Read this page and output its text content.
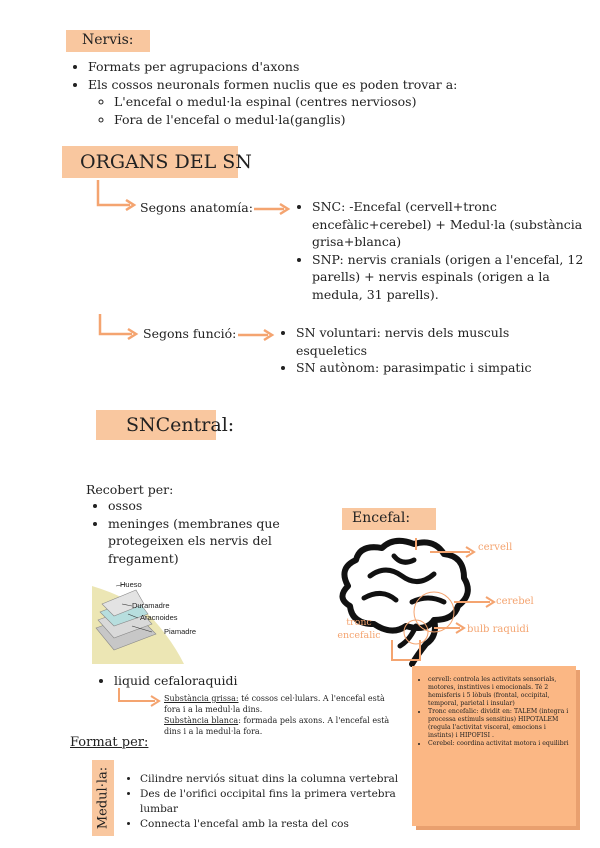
Nervis:
• Formats per agrupacions d'axons
• Els cossos neuronals formen nuclis que es poden trovar a:
◦ L'encefal o medul·la espinal (centres nerviosos)
◦ Fora de l'encefal o medul·la(ganglis)
ORGANS DEL SN
Segons anatomía:	• SNC: -Encefal (cervell+tronc encefàlic+cerebel) + Medul·la (substància grisa+blanca)
• SNP: nervis cranials (origen a l'encefal, 12 parells) + nervis espinals (origen a la medula, 31 parells).
Segons funció:	• SN voluntari: nervis dels musculs esqueletics
• SN autònom: parasimpatic i simpatic
SNCentral:
Recobert per:
• ossos
• meninges (membranes que protegeixen els nervis del fregament)
Hueso
Duramadre
Aracnoides
Piamadre
• liquid cefaloraquidi
Substància grissa: té cossos cel·lulars. A l'encefal està fora i a la medul·la dins.
Substància blanca: formada pels axons. A l'encefal està dins i a la medul·la fora.
Encefal:
cervell
cerebel
bulb raquidi
tronc encefalic
• cervell: controla les activitats sensorials, motores, instintives i emocionals. Té 2 hemisferis i 5 lòbuls (frontal, occipital, temporal, parietal i insular)
• Tronc encefalic: dividit en: TALEM (integra i processa estímuls sensitius) HIPOTALEM (regula l'activitat visceral, emocions i instints) i HIPOFISI .
• Cerebel: coordina activitat motora i equilibri
Format per:
Medul·la:	• Cilindre nerviós situat dins la columna vertebral
• Des de l'orifici occipital fins la primera vertebra lumbar
• Connecta l'encefal amb la resta del cos
